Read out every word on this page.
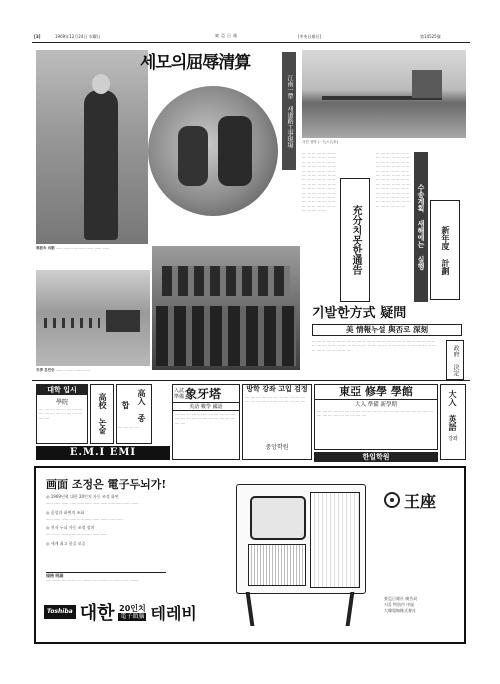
[3]	1969年12月24日 水曜日	東亞日報	[中央日報社]	第14525號
寒波속 出勤 ...... ...... ...... ...... ...... ...... ......
세모의屈辱清算
江南一帶 새道路工事現場	사진 설명 (一九六九年)
··· ···· ··· ···· ··· ···· ··· ···· ··· ···· ··· ···· ··· ···· ··· ···· ··· ···· ··· ···· ··· ···· ··· ···· ··· ···· ··· ···· ··· ···· ··· ···· ··· ···· ··· ···· ··· ···· ··· ···· ··· ···· ··· ···· ··· ···· ··· ···· ··· ···· ··· ···· ··· ···· ··· ···· ··· ···· ··· ···· ··· ···· ··· ···· ··· ···· ··· ···· ··· ···· ··· ···· ··· ···· ··· ···· ··· ···· ··· ···· ··· ···· ··· ···· ··· ···· ··· ···· ··· ···· ··· ···· ··· ···· ··· ····
··· ···· ··· ···· ··· ···· ··· ···· ··· ···· ··· ···· ··· ···· ··· ···· ··· ···· ··· ···· ··· ···· ··· ···· ··· ···· ··· ···· ··· ···· ··· ···· ··· ···· ··· ···· ··· ···· ··· ···· ··· ···· ··· ···· ··· ···· ··· ···· ··· ···· ··· ···· ··· ···· ··· ···· ··· ···· ··· ···· ··· ···· ··· ···· ··· ···· ··· ···· ··· ···· ··· ···· ··· ···· ··· ···· ··· ···· ··· ···· ··· ···· ··· ···· ··· ···· ··· ···· ··· ····
充分치못한通告	수송계획 새해에는 실행	新年度 計劃
冬季 훈련중 ....... ....... ....... .......
기발한方式 疑問
美 情報누설 與否로 深刻
··· ···· ··· ···· ··· ···· ··· ···· ··· ···· ··· ···· ··· ···· ··· ···· ··· ···· ··· ···· ··· ···· ··· ···· ··· ···· ··· ···· ··· ···· ··· ···· ··· ···· ··· ···· ··· ···· ··· ···· ··· ···· ··· ···· ··· ···· ··· ···· ··· ···· ··· ···· ··· ···· ··· ···· ··· ····	政府 決定
대학 입시
學院
···· ···· ···· ···· ···· ···· ···· ···· ···· ···· ···· ···· ···· ···· ···· ···· ···· ····	高校 논술	高入 종합
···· ···· ···· ····
E.M.I EMI
入試
準備 象牙塔
英語 數學 國語
···· ···· ···· ···· ···· ···· ···· ···· ···· ···· ···· ···· ···· ···· ···· ···· ···· ···· ···· ···· ···· ···· ···· ····
방학 강좌 고입 검정
···· ···· ···· ···· ···· ···· ···· ···· ···· ···· ···· ···· ···· ···· ···· ···· ···· ···· ···· ···· ···· ····
중앙학원
東亞 修學 學館
大入 準備 新學期
···· ···· ···· ···· ···· ···· ···· ···· ···· ···· ···· ···· ···· ···· ···· ···· ···· ···· ···· ···· ···· ···· ···· ···· ···· ···· ···· ···· ···· ····	大入 英語
강좌
한일학원
画面 조정은 電子두뇌가!
◎ 1969년형 대한 20인치 자동 조정 화면
······ ······ ······ ······ ······ ······ ······ ······ ······ ······ ······ ······
◎ 음성과 화면의 조화
······ ······ ······ ······ ······ ······ ······ ······ ······ ······
◎ 전자 두뇌 자동 조정 장치
······ ······ ······ ······ ······ ······ ······ ······
◎ 세계 최고 품질 보증
規格 明細
···· ········ ···· ········ ···· ········ ···· ········ ···· ········ ···· ········
Toshiba 대한 20인치
電子頭腦 테레비
王座
東亞日報社 廣告局
서울 特別市 中區
大韓電線株式會社
